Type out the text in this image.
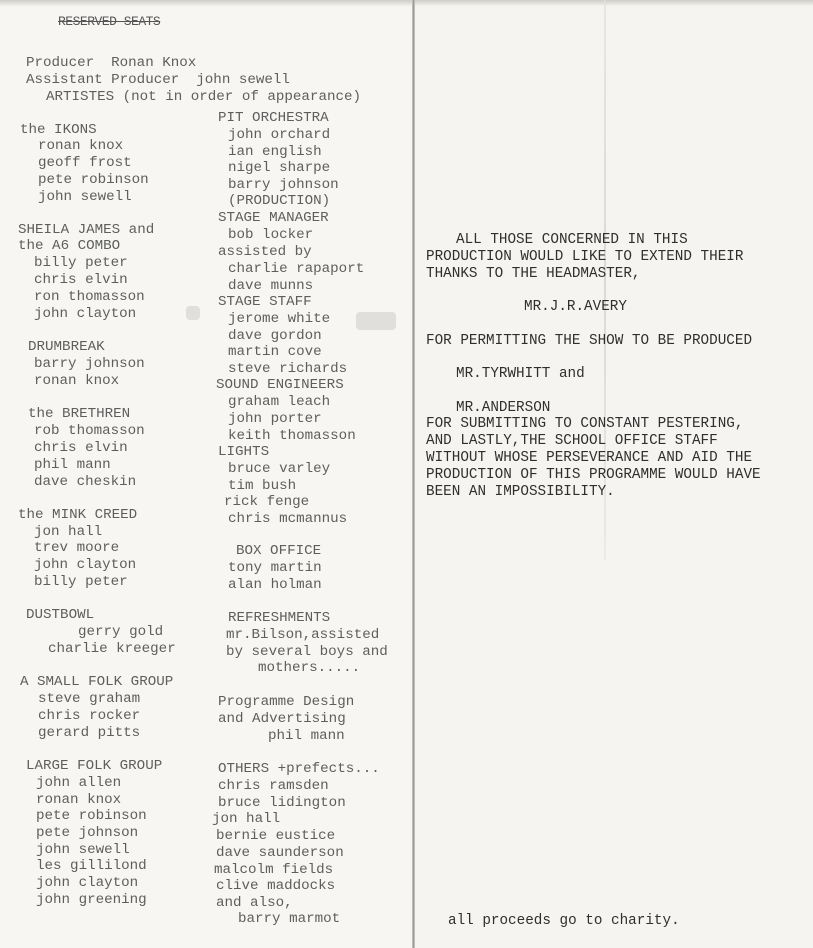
RESERVED SEATS
Producer  Ronan Knox
Assistant Producer  john sewell
ARTISTES (not in order of appearance)
the IKONS
ronan knox
geoff frost
pete robinson
john sewell
SHEILA JAMES and
the A6 COMBO
billy peter
chris elvin
ron thomasson
john clayton
DRUMBREAK
barry johnson
ronan knox
the BRETHREN
rob thomasson
chris elvin
phil mann
dave cheskin
the MINK CREED
jon hall
trev moore
john clayton
billy peter
DUSTBOWL
gerry gold
charlie kreeger
A SMALL FOLK GROUP
steve graham
chris rocker
gerard pitts
LARGE FOLK GROUP
john allen
ronan knox
pete robinson
pete johnson
john sewell
les gillilond
john clayton
john greening
PIT ORCHESTRA
john orchard
ian english
nigel sharpe
barry johnson
(PRODUCTION)
STAGE MANAGER
bob locker
assisted by
charlie rapaport
dave munns
STAGE STAFF
jerome white
dave gordon
martin cove
steve richards
SOUND ENGINEERS
graham leach
john porter
keith thomasson
LIGHTS
bruce varley
tim bush
rick fenge
chris mcmannus
BOX OFFICE
tony martin
alan holman
REFRESHMENTS
mr.Bilson,assisted
by several boys and
mothers.....
Programme Design
and Advertising
phil mann
OTHERS +prefects...
chris ramsden
bruce lidington
jon hall
bernie eustice
dave saunderson
malcolm fields
clive maddocks
and also,
barry marmot
ALL THOSE CONCERNED IN THIS
PRODUCTION WOULD LIKE TO EXTEND THEIR
THANKS TO THE HEADMASTER,
MR.J.R.AVERY
FOR PERMITTING THE SHOW TO BE PRODUCED
MR.TYRWHITT and
MR.ANDERSON
FOR SUBMITTING TO CONSTANT PESTERING,
AND LASTLY,THE SCHOOL OFFICE STAFF
WITHOUT WHOSE PERSEVERANCE AND AID THE
PRODUCTION OF THIS PROGRAMME WOULD HAVE
BEEN AN IMPOSSIBILITY.
all proceeds go to charity.
